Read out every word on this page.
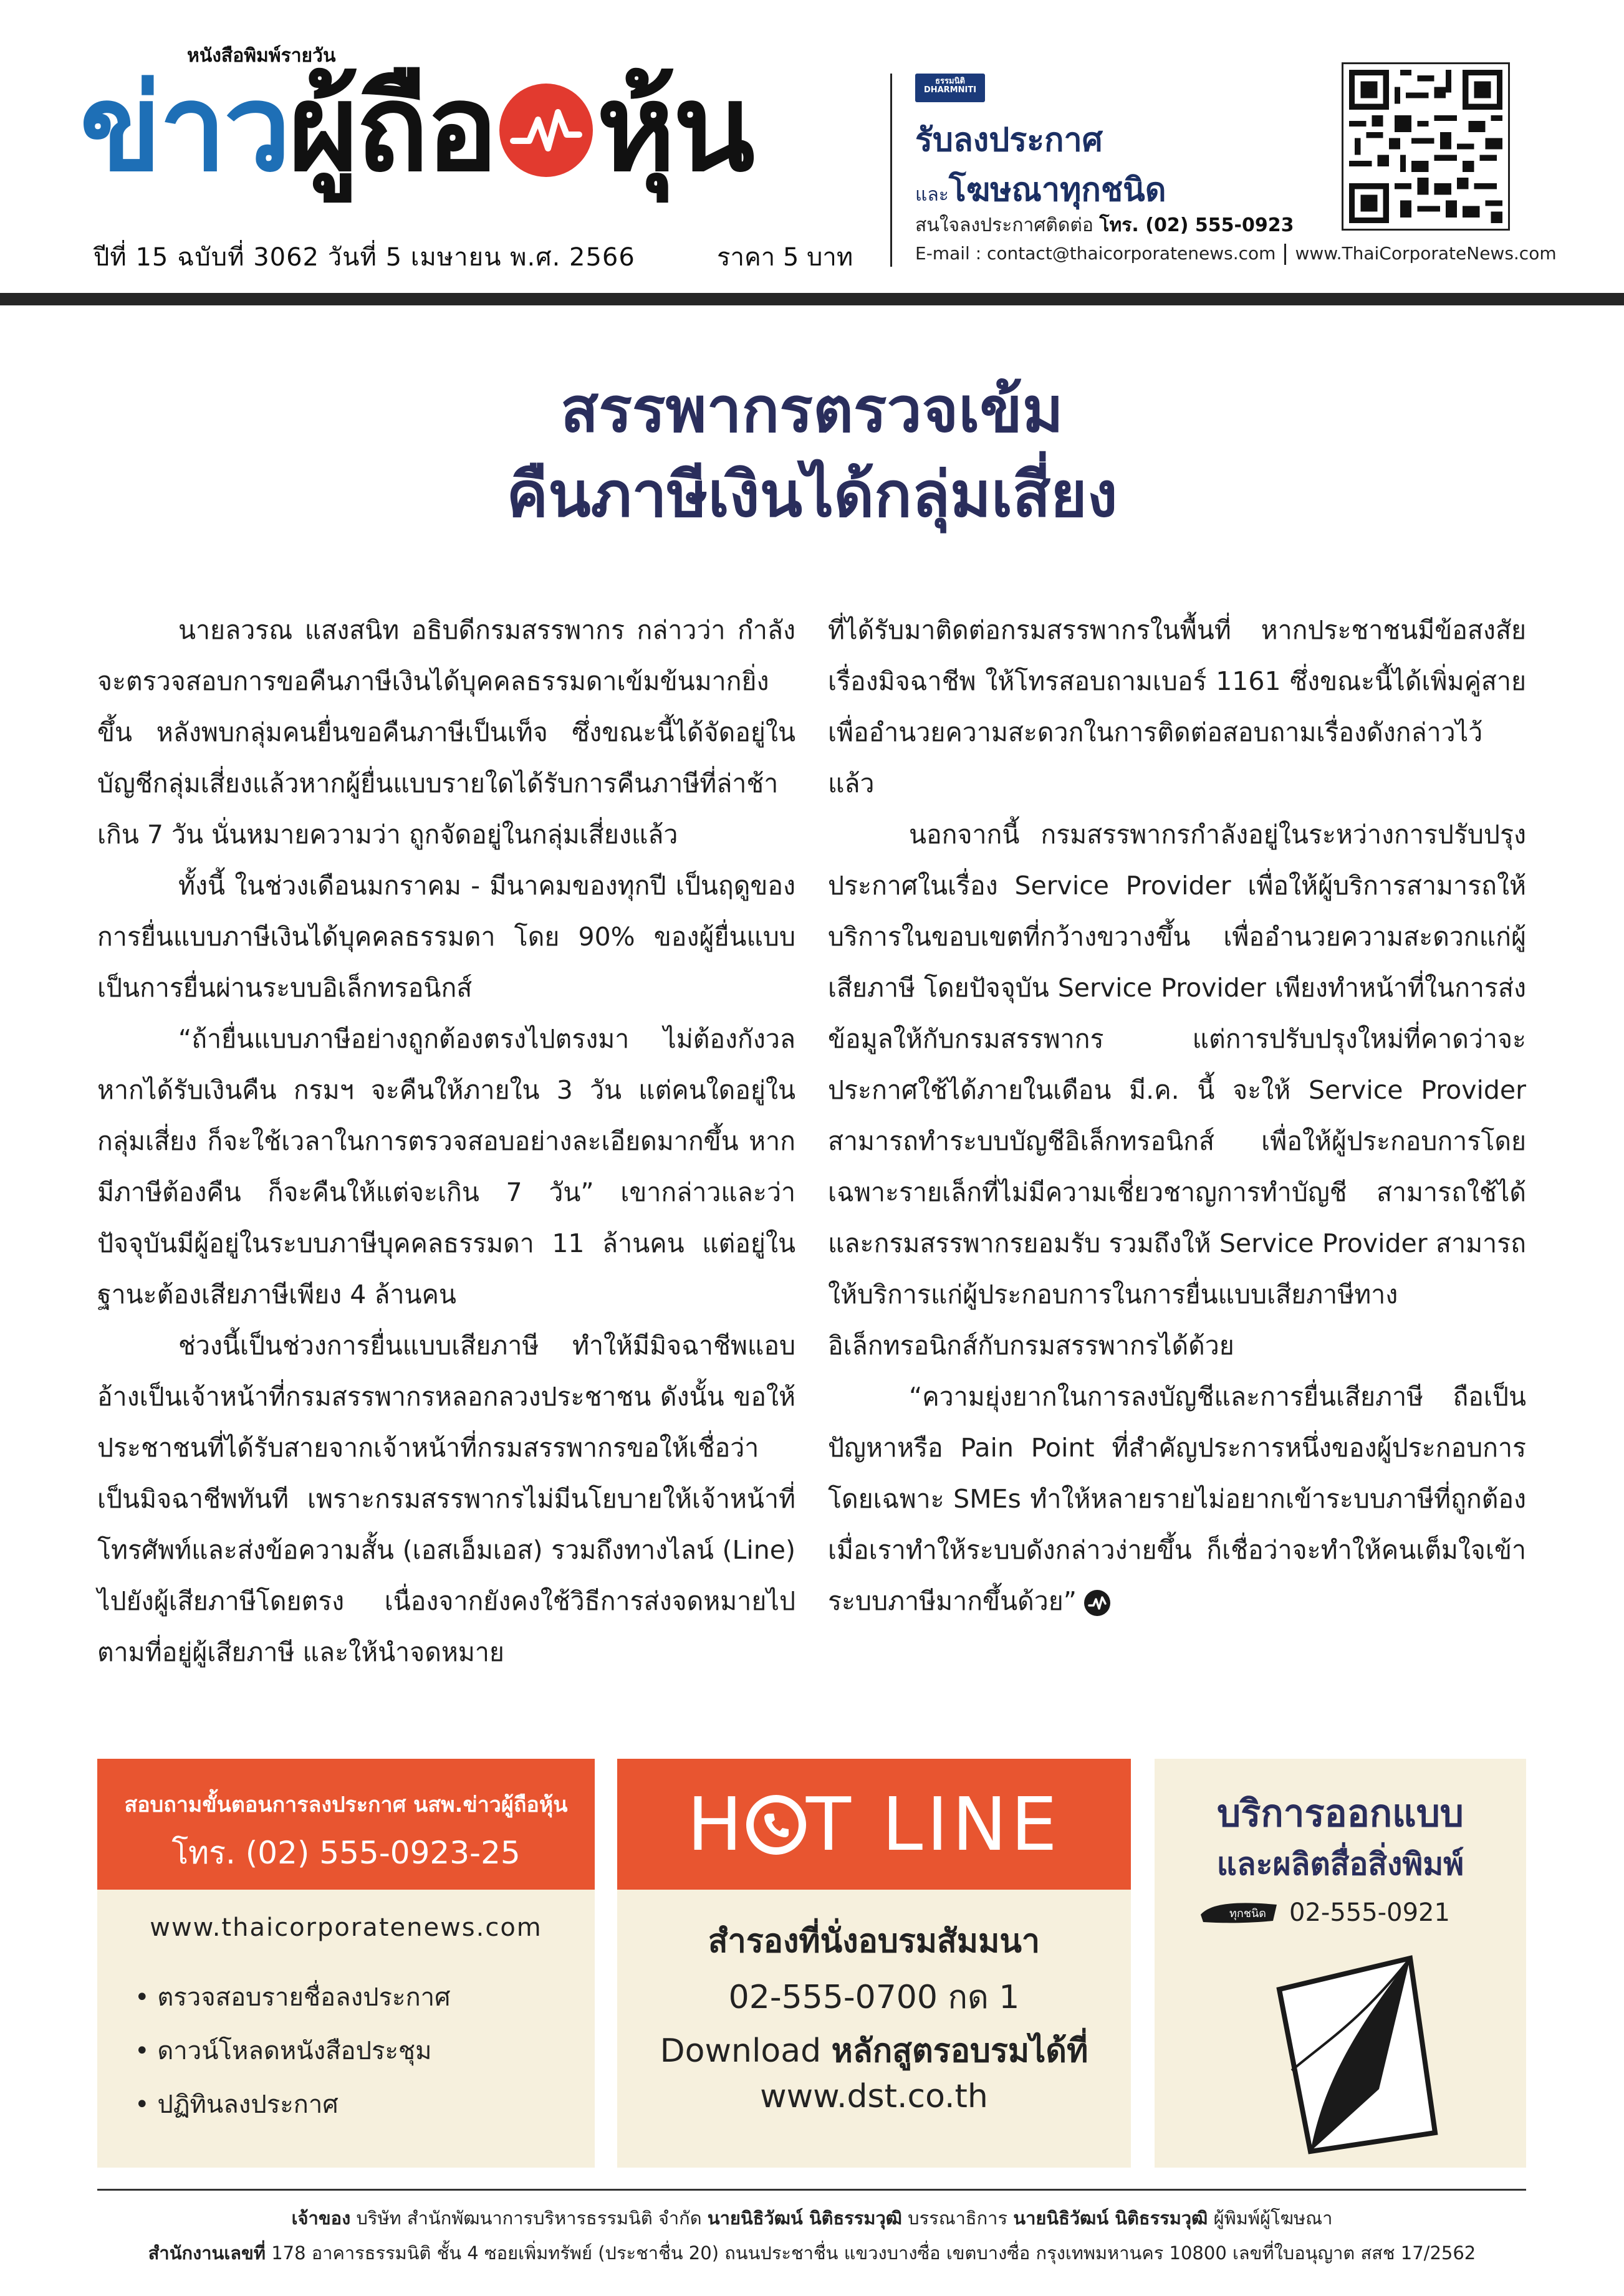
หนังสือพิมพ์รายวัน
ข่าวผู้ถือ หุ้น
ปีที่ 15 ฉบับที่ 3062 วันที่ 5 เมษายน พ.ศ. 2566	ราคา 5 บาท
ธรรมนิติ
DHARMNITI
รับลงประกาศ
และโฆษณาทุกชนิด
สนใจลงประกาศติดต่อ โทร. (02) 555-0923
E-mail : contact@thaicorporatenews.com www.ThaiCorporateNews.com
สรรพากรตรวจเข้ม
คืนภาษีเงินได้กลุ่มเสี่ยง

นายลวรณ แสงสนิท อธิบดีกรมสรรพากร กล่าวว่า กำลังจะตรวจสอบการขอคืนภาษีเงินได้บุคคลธรรมดาเข้มข้นมากยิ่งขึ้น หลังพบกลุ่มคนยื่นขอคืนภาษีเป็นเท็จ ซึ่งขณะนี้ได้จัดอยู่ในบัญชีกลุ่มเสี่ยงแล้วหากผู้ยื่นแบบรายใดได้รับการคืนภาษีที่ล่าช้าเกิน 7 วัน นั่นหมายความว่า ถูกจัดอยู่ในกลุ่มเสี่ยงแล้ว

ทั้งนี้ ในช่วงเดือนมกราคม - มีนาคมของทุกปี เป็นฤดูของการยื่นแบบภาษีเงินได้บุคคลธรรมดา โดย 90% ของผู้ยื่นแบบเป็นการยื่นผ่านระบบอิเล็กทรอนิกส์

“ถ้ายื่นแบบภาษีอย่างถูกต้องตรงไปตรงมา ไม่ต้องกังวล หากได้รับเงินคืน กรมฯ จะคืนให้ภายใน 3 วัน แต่คนใดอยู่ในกลุ่มเสี่ยง ก็จะใช้เวลาในการตรวจสอบอย่างละเอียดมากขึ้น หากมีภาษีต้องคืน ก็จะคืนให้แต่จะเกิน 7 วัน” เขากล่าวและว่า ปัจจุบันมีผู้อยู่ในระบบภาษีบุคคลธรรมดา 11 ล้านคน แต่อยู่ในฐานะต้องเสียภาษีเพียง 4 ล้านคน

ช่วงนี้เป็นช่วงการยื่นแบบเสียภาษี ทำให้มีมิจฉาชีพแอบอ้างเป็นเจ้าหน้าที่กรมสรรพากรหลอกลวงประชาชน ดังนั้น ขอให้ประชาชนที่ได้รับสายจากเจ้าหน้าที่กรมสรรพากรขอให้เชื่อว่า เป็นมิจฉาชีพทันที เพราะกรมสรรพากรไม่มีนโยบายให้เจ้าหน้าที่โทรศัพท์และส่งข้อความสั้น (เอสเอ็มเอส) รวมถึงทางไลน์ (Line) ไปยังผู้เสียภาษีโดยตรง เนื่องจากยังคงใช้วิธีการส่งจดหมายไปตามที่อยู่ผู้เสียภาษี และให้นำจดหมาย

ที่ได้รับมาติดต่อกรมสรรพากรในพื้นที่ หากประชาชนมีข้อสงสัยเรื่องมิจฉาชีพ ให้โทรสอบถามเบอร์ 1161 ซึ่งขณะนี้ได้เพิ่มคู่สายเพื่ออำนวยความสะดวกในการติดต่อสอบถามเรื่องดังกล่าวไว้แล้ว

นอกจากนี้ กรมสรรพากรกำลังอยู่ในระหว่างการปรับปรุงประกาศในเรื่อง Service Provider เพื่อให้ผู้บริการสามารถให้บริการในขอบเขตที่กว้างขวางขึ้น เพื่ออำนวยความสะดวกแก่ผู้เสียภาษี โดยปัจจุบัน Service Provider เพียงทำหน้าที่ในการส่งข้อมูลให้กับกรมสรรพากร แต่การปรับปรุงใหม่ที่คาดว่าจะประกาศใช้ได้ภายในเดือน มี.ค. นี้ จะให้ Service Provider สามารถทำระบบบัญชีอิเล็กทรอนิกส์ เพื่อให้ผู้ประกอบการโดยเฉพาะรายเล็กที่ไม่มีความเชี่ยวชาญการทำบัญชี สามารถใช้ได้และกรมสรรพากรยอมรับ รวมถึงให้ Service Provider สามารถให้บริการแก่ผู้ประกอบการในการยื่นแบบเสียภาษีทางอิเล็กทรอนิกส์กับกรมสรรพากรได้ด้วย

“ความยุ่งยากในการลงบัญชีและการยื่นเสียภาษี ถือเป็นปัญหาหรือ Pain Point ที่สำคัญประการหนึ่งของผู้ประกอบการโดยเฉพาะ SMEs ทำให้หลายรายไม่อยากเข้าระบบภาษีที่ถูกต้อง เมื่อเราทำให้ระบบดังกล่าวง่ายขึ้น ก็เชื่อว่าจะทำให้คนเต็มใจเข้าระบบภาษีมากขึ้นด้วย”

สอบถามขั้นตอนการลงประกาศ นสพ.ข่าวผู้ถือหุ้น
โทร. (02) 555-0923-25
www.thaicorporatenews.com
• ตรวจสอบรายชื่อลงประกาศ
• ดาวน์โหลดหนังสือประชุม
• ปฏิทินลงประกาศ
H T LINE
สำรองที่นั่งอบรมสัมมนา
02-555-0700 กด 1
Download หลักสูตรอบรมได้ที่
www.dst.co.th
บริการออกแบบ
และผลิตสื่อสิ่งพิมพ์
ทุกชนิด 02-555-0921
เจ้าของ บริษัท สำนักพัฒนาการบริหารธรรมนิติ จำกัด นายนิธิวัฒน์ นิติธรรมวุฒิ บรรณาธิการ นายนิธิวัฒน์ นิติธรรมวุฒิ ผู้พิมพ์ผู้โฆษณา
สำนักงานเลขที่ 178 อาคารธรรมนิติ ชั้น 4 ซอยเพิ่มทรัพย์ (ประชาชื่น 20) ถนนประชาชื่น แขวงบางซื่อ เขตบางซื่อ กรุงเทพมหานคร 10800 เลขที่ใบอนุญาต สสช 17/2562
